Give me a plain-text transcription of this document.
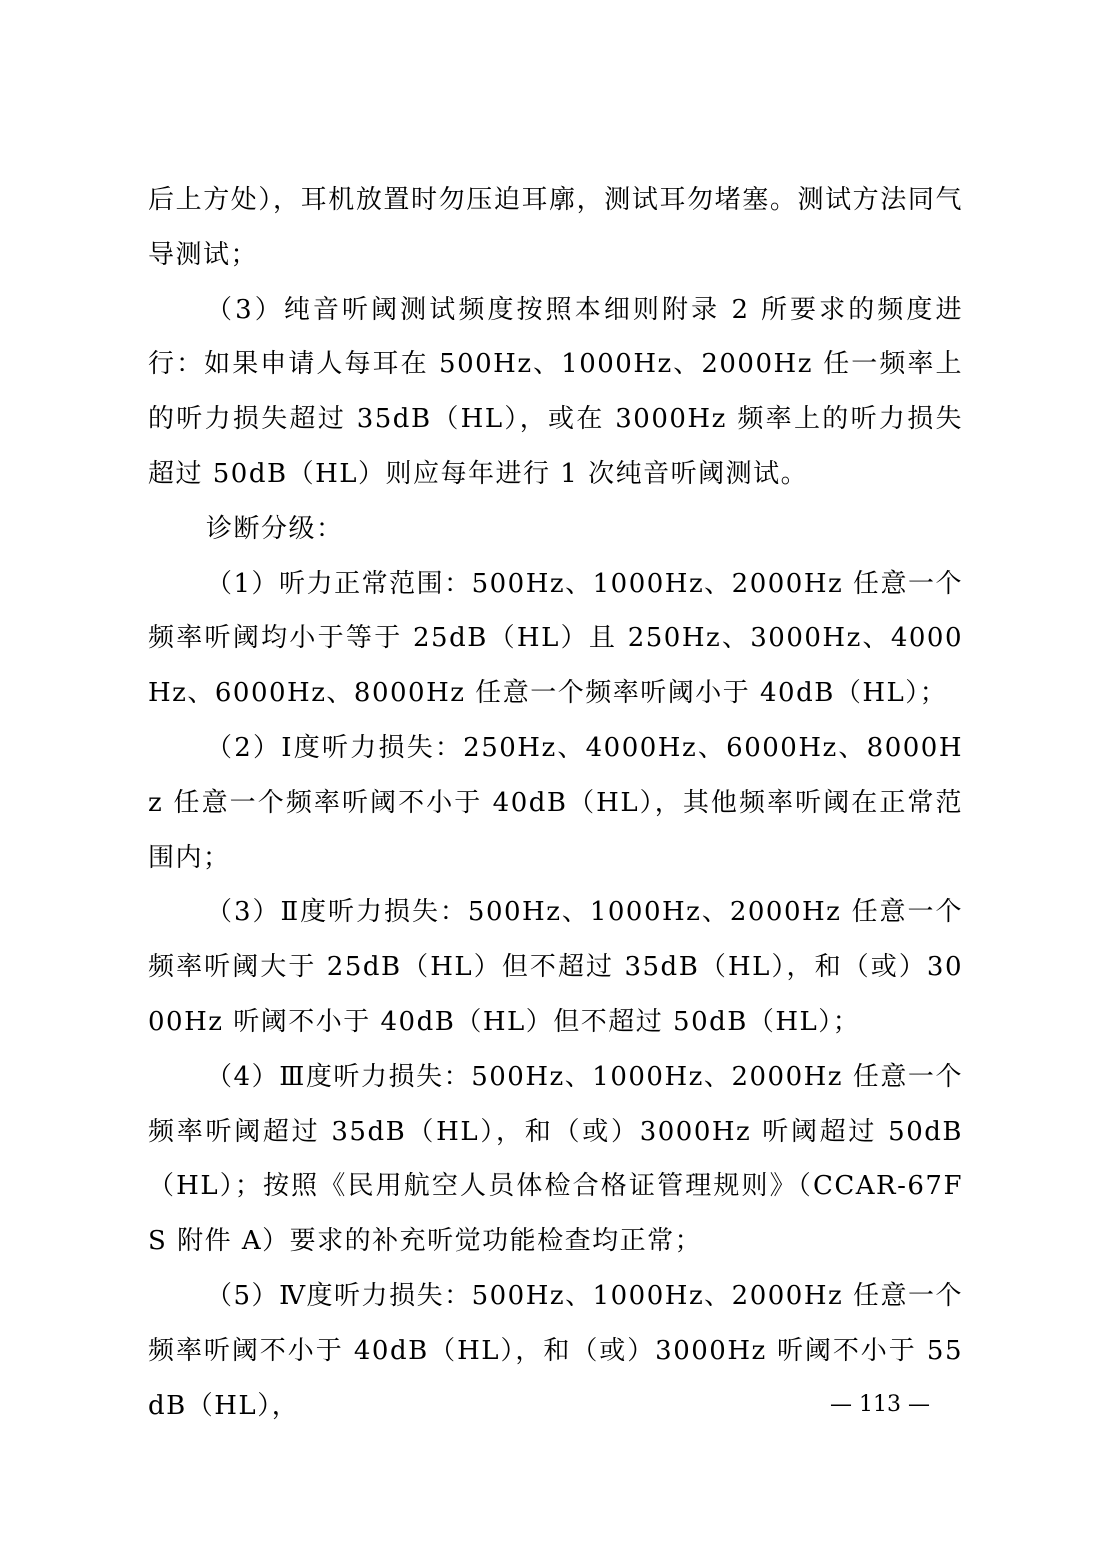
后上方处），耳机放置时勿压迫耳廓，测试耳勿堵塞。测试方法同气导测试；

（3）纯音听阈测试频度按照本细则附录 2 所要求的频度进行：如果申请人每耳在 500Hz、1000Hz、2000Hz 任一频率上的听力损失超过 35dB（HL），或在 3000Hz 频率上的听力损失超过 50dB（HL）则应每年进行 1 次纯音听阈测试。

诊断分级：

（1）听力正常范围：500Hz、1000Hz、2000Hz 任意一个频率听阈均小于等于 25dB（HL）且 250Hz、3000Hz、4000Hz、6000Hz、8000Hz 任意一个频率听阈小于 40dB（HL）；

（2）Ⅰ度听力损失：250Hz、4000Hz、6000Hz、8000Hz 任意一个频率听阈不小于 40dB（HL），其他频率听阈在正常范围内；

（3）Ⅱ度听力损失：500Hz、1000Hz、2000Hz 任意一个频率听阈大于 25dB（HL）但不超过 35dB（HL），和（或）3000Hz 听阈不小于 40dB（HL）但不超过 50dB（HL）；

（4）Ⅲ度听力损失：500Hz、1000Hz、2000Hz 任意一个频率听阈超过 35dB（HL），和（或）3000Hz 听阈超过 50dB（HL）；按照《民用航空人员体检合格证管理规则》（CCAR-67FS 附件 A）要求的补充听觉功能检查均正常；

（5）Ⅳ度听力损失：500Hz、1000Hz、2000Hz 任意一个频率听阈不小于 40dB（HL），和（或）3000Hz 听阈不小于 55dB（HL），	— 113 —
